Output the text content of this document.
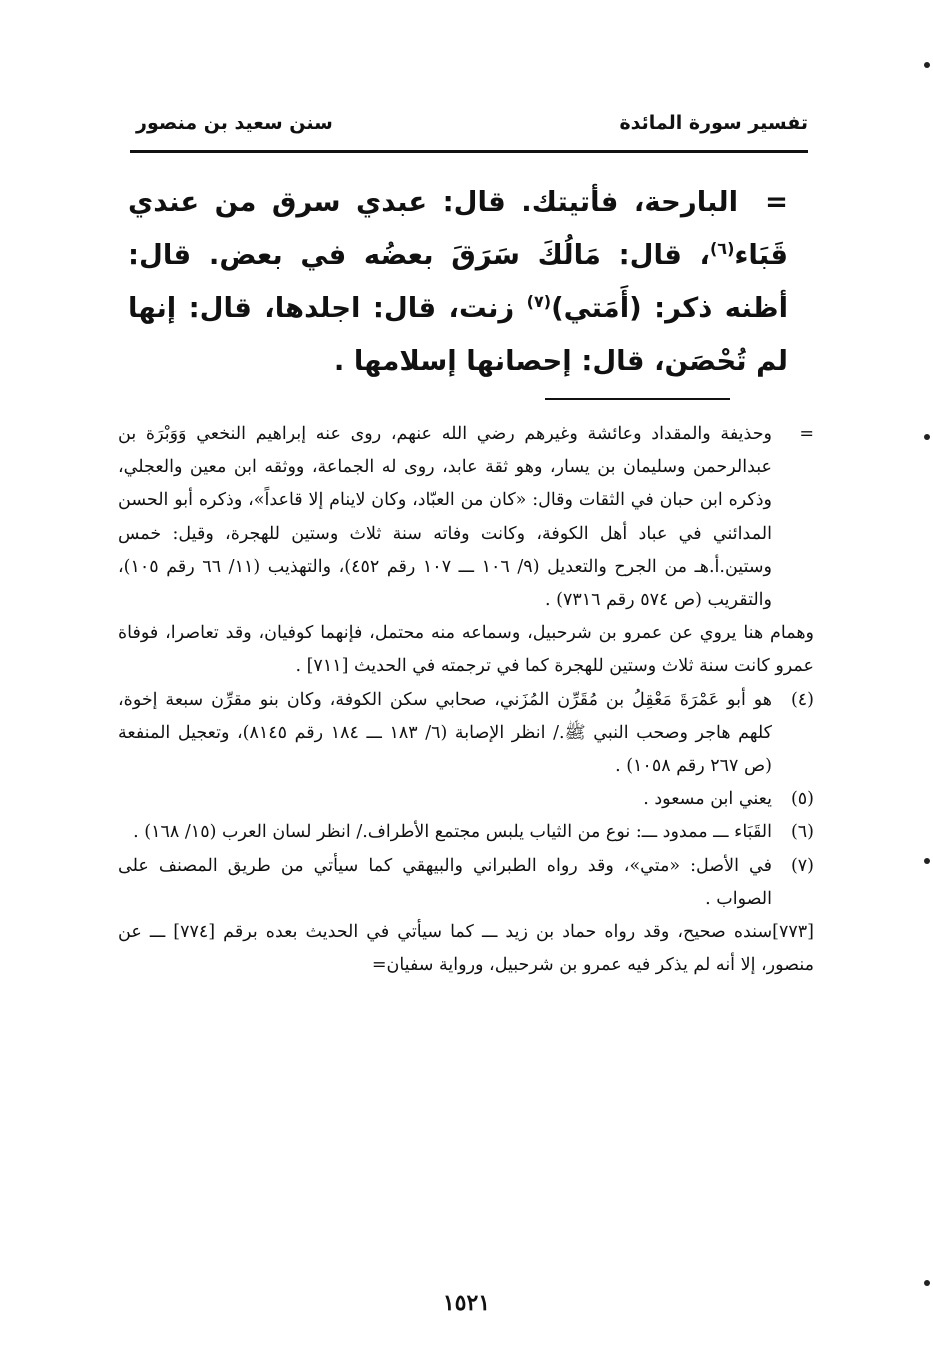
تفسير سورة المائدة
سنن سعيد بن منصور
=البارحة، فأتيتك. قال: عبدي سرق من عندي قَبَاء$^{(٦)}$، قال: مَالُكَ سَرَقَ بعضُه في بعض. قال: أظنه ذكر: (أَمَتي)$^{(٧)}$ زنت، قال: اجلدها، قال: إنها لم تُحْصَن، قال: إحصانها إسلامها .
=
وحذيفة والمقداد وعائشة وغيرهم رضي الله عنهم، روى عنه إبراهيم النخعي وَوَبْرَة بن عبدالرحمن وسليمان بن يسار، وهو ثقة عابد، روى له الجماعة، ووثقه ابن معين والعجلي، وذكره ابن حبان في الثقات وقال: «كان من العبّاد، وكان لاينام إلا قاعداً»، وذكره أبو الحسن المدائني في عباد أهل الكوفة، وكانت وفاته سنة ثلاث وستين للهجرة، وقيل: خمس وستين.أ.هـ من الجرح والتعديل (٩/ ١٠٦ ـــ ١٠٧ رقم ٤٥٢)، والتهذيب (١١/ ٦٦ رقم ١٠٥)، والتقريب (ص ٥٧٤ رقم ٧٣١٦) .
وهمام هنا يروي عن عمرو بن شرحبيل، وسماعه منه محتمل، فإنهما كوفيان، وقد تعاصرا، فوفاة عمرو كانت سنة ثلاث وستين للهجرة كما في ترجمته في الحديث [٧١١] .
(٤)
هو أبو عَمْرَةَ مَعْقِلُ بن مُقَرِّن المُزَني، صحابي سكن الكوفة، وكان بنو مقرِّن سبعة إخوة، كلهم هاجر وصحب النبي ﷺ./ انظر الإصابة (٦/ ١٨٣ ـــ ١٨٤ رقم ٨١٤٥)، وتعجيل المنفعة (ص ٢٦٧ رقم ١٠٥٨) .
(٥)
يعني ابن مسعود .
(٦)
القَبَاء ـــ ممدود ـــ: نوع من الثياب يلبس مجتمع الأطراف./ انظر لسان العرب (١٥/ ١٦٨) .
(٧)
في الأصل: «متي»، وقد رواه الطبراني والبيهقي كما سيأتي من طريق المصنف على الصواب .
[٧٧٣]سنده صحيح، وقد رواه حماد بن زيد ـــ كما سيأتي في الحديث بعده برقم [٧٧٤] ـــ عن منصور، إلا أنه لم يذكر فيه عمرو بن شرحبيل، ورواية سفيان=
١٥٢١
